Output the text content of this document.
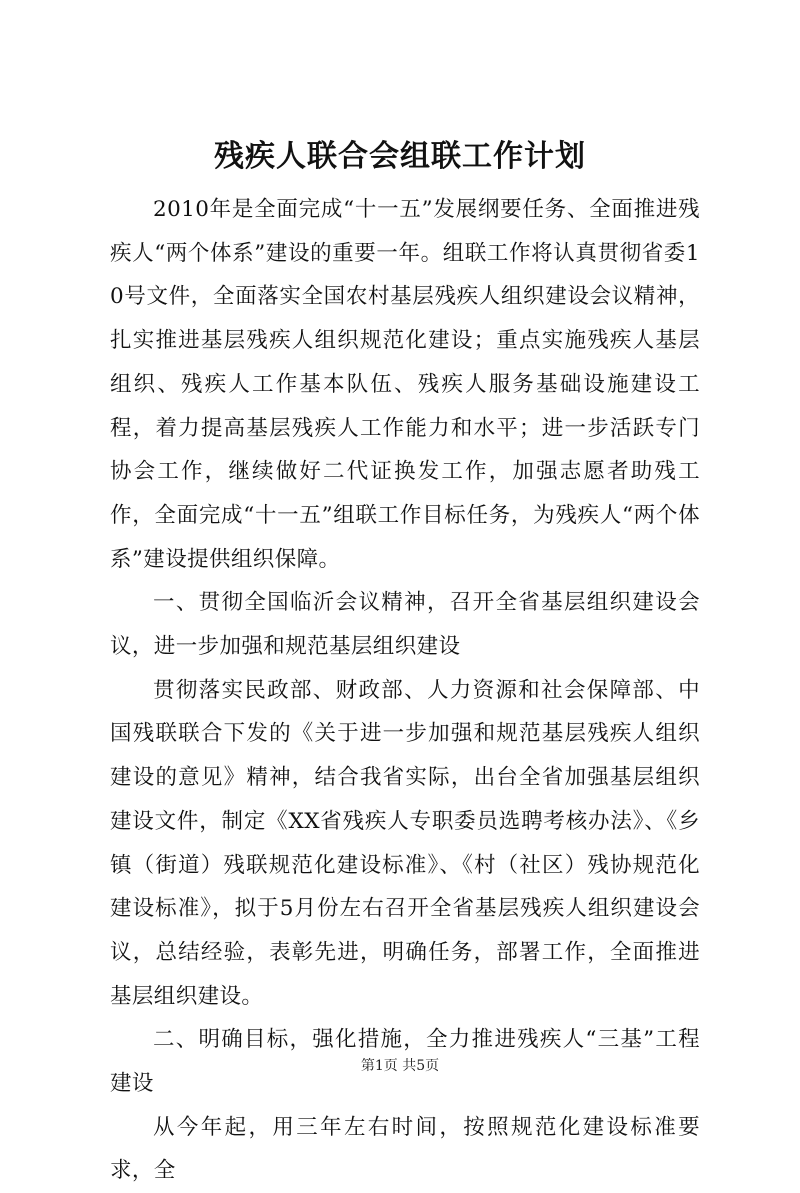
残疾人联合会组联工作计划

2010年是全面完成“十一五”发展纲要任务、全面推进残疾人“两个体系”建设的重要一年。组联工作将认真贯彻省委10号文件，全面落实全国农村基层残疾人组织建设会议精神，扎实推进基层残疾人组织规范化建设；重点实施残疾人基层组织、残疾人工作基本队伍、残疾人服务基础设施建设工程，着力提高基层残疾人工作能力和水平；进一步活跃专门协会工作，继续做好二代证换发工作，加强志愿者助残工作，全面完成“十一五”组联工作目标任务，为残疾人“两个体系”建设提供组织保障。

一、贯彻全国临沂会议精神，召开全省基层组织建设会议，进一步加强和规范基层组织建设

贯彻落实民政部、财政部、人力资源和社会保障部、中国残联联合下发的《关于进一步加强和规范基层残疾人组织建设的意见》精神，结合我省实际，出台全省加强基层组织建设文件，制定《XX省残疾人专职委员选聘考核办法》、《乡镇（街道）残联规范化建设标准》、《村（社区）残协规范化建设标准》，拟于5月份左右召开全省基层残疾人组织建设会议，总结经验，表彰先进，明确任务，部署工作，全面推进基层组织建设。

二、明确目标，强化措施，全力推进残疾人“三基”工程建设

从今年起，用三年左右时间，按照规范化建设标准要求，全

第1页 共5页
